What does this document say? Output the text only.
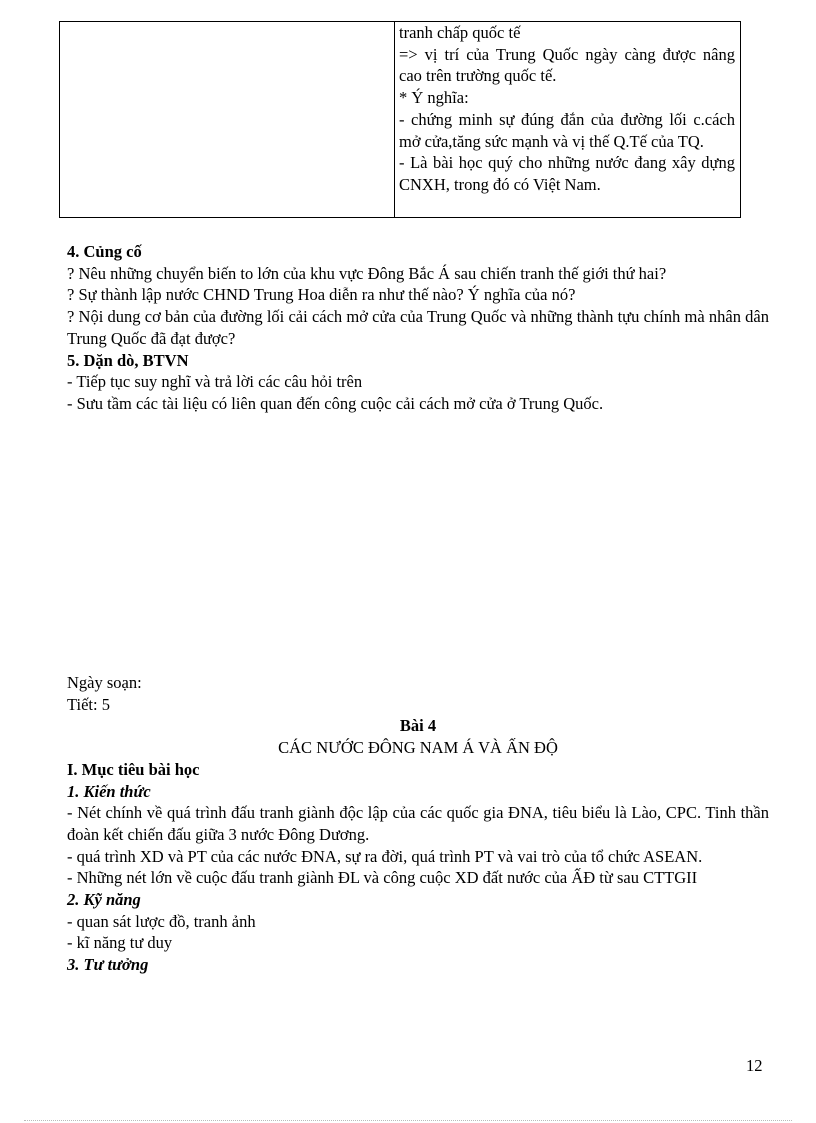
tranh chấp quốc tế

=> vị trí của Trung Quốc ngày càng được nâng cao trên trường quốc tế.

* Ý nghĩa:

- chứng minh sự đúng đắn của đường lối c.cách mở cửa,tăng sức mạnh và vị thế Q.Tế của TQ.

- Là bài học quý cho những nước đang xây dựng CNXH, trong đó có Việt Nam.

4. Củng cố

? Nêu những chuyển biến to lớn của khu vực Đông Bắc Á sau chiến tranh thế giới thứ hai?

? Sự thành lập nước CHND Trung Hoa diễn ra như thế nào? Ý nghĩa của nó?

? Nội dung cơ bản của đường lối cải cách mở cửa của Trung Quốc và những thành tựu chính mà nhân dân Trung Quốc đã đạt được?

5. Dặn dò, BTVN

- Tiếp tục suy nghĩ và trả lời các câu hỏi trên

- Sưu tầm các tài liệu có liên quan đến công cuộc cải cách mở cửa ở Trung Quốc.

Ngày soạn:

Tiết: 5

Bài 4

CÁC NƯỚC ĐÔNG NAM Á VÀ ẤN ĐỘ

I. Mục tiêu bài học

1. Kiến thức

- Nét chính về quá trình đấu tranh giành độc lập của các quốc gia ĐNA, tiêu biểu là Lào, CPC. Tinh thần đoàn kết chiến đấu giữa 3 nước Đông Dương.

- quá trình XD và PT của các nước ĐNA, sự ra đời, quá trình PT và vai trò của tổ chức ASEAN.

- Những nét lớn về cuộc đấu tranh giành ĐL và công cuộc XD đất nước của ẤĐ từ sau CTTGII

2. Kỹ năng

- quan sát lược đồ, tranh ảnh

- kĩ năng tư duy

3. Tư tưởng

12
